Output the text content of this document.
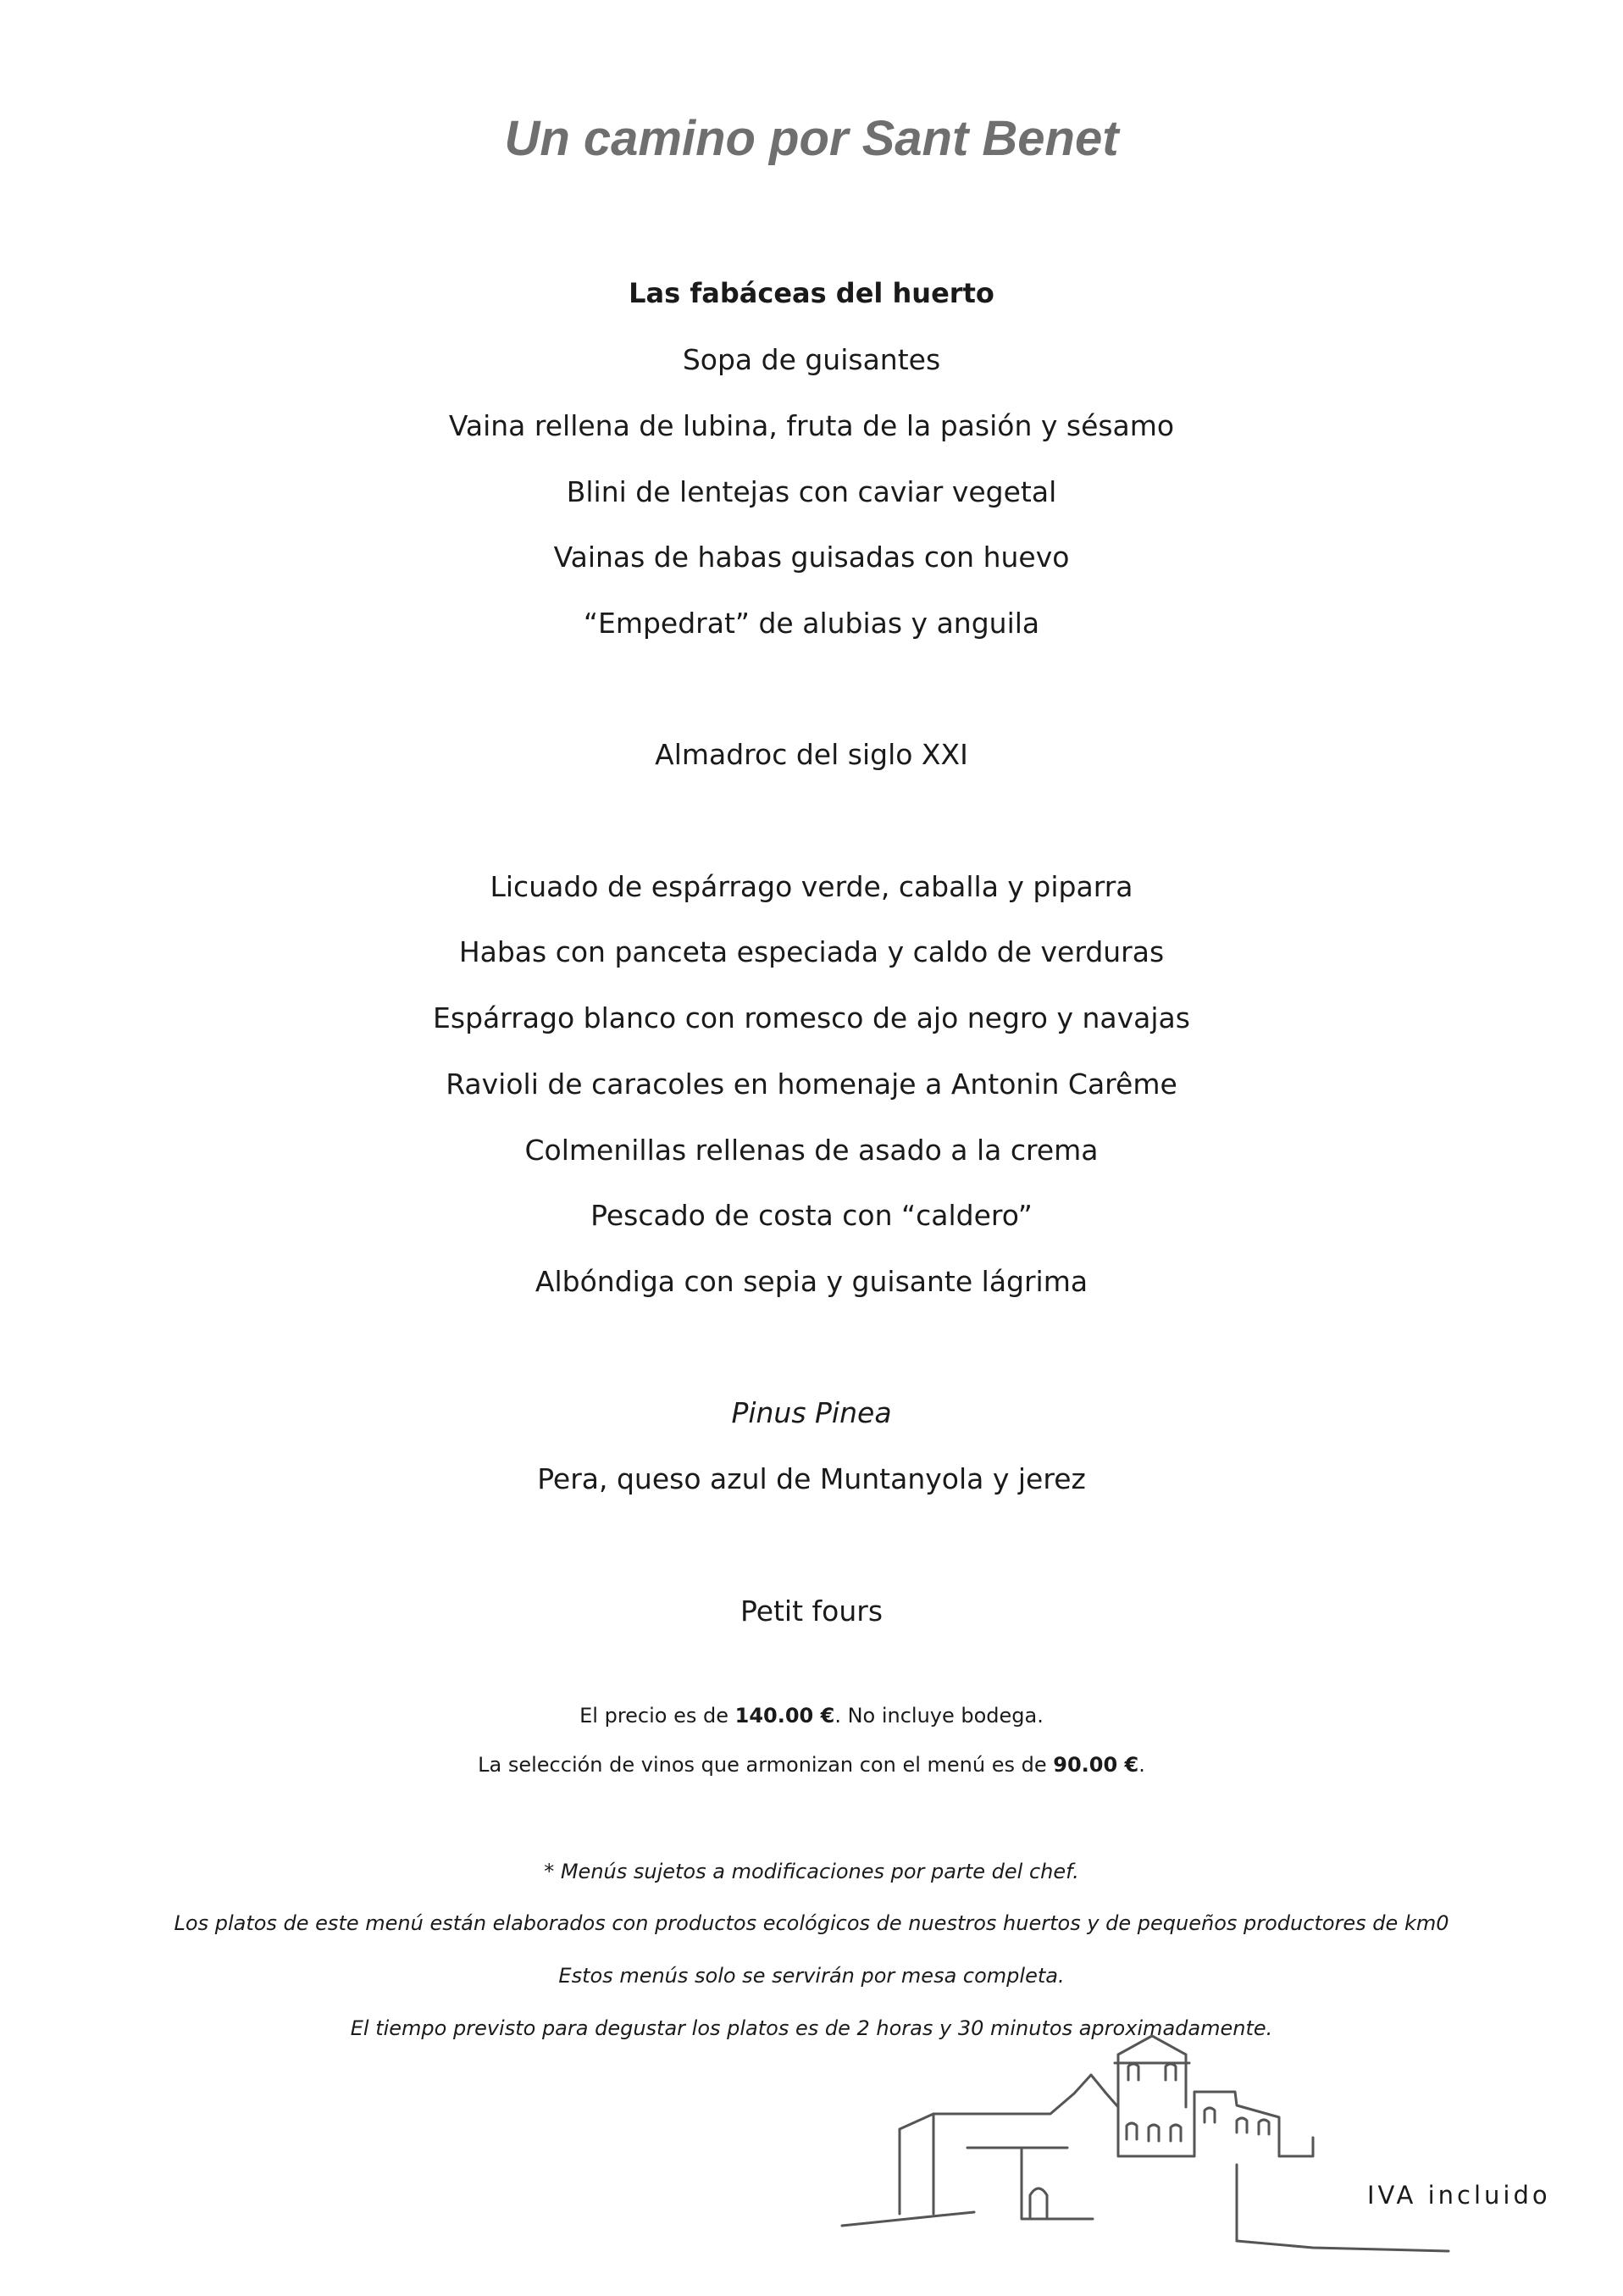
Un camino por Sant Benet
Las fabáceas del huerto
Sopa de guisantes
Vaina rellena de lubina, fruta de la pasión y sésamo
Blini de lentejas con caviar vegetal
Vainas de habas guisadas con huevo
“Empedrat” de alubias y anguila
Almadroc del siglo XXI
Licuado de espárrago verde, caballa y piparra
Habas con panceta especiada y caldo de verduras
Espárrago blanco con romesco de ajo negro y navajas
Ravioli de caracoles en homenaje a Antonin Carême
Colmenillas rellenas de asado a la crema
Pescado de costa con “caldero”
Albóndiga con sepia y guisante lágrima
Pinus Pinea
Pera, queso azul de Muntanyola y jerez
Petit fours
El precio es de 140.00 €. No incluye bodega.
La selección de vinos que armonizan con el menú es de 90.00 €.
* Menús sujetos a modificaciones por parte del chef.
Los platos de este menú están elaborados con productos ecológicos de nuestros huertos y de pequeños productores de km0
Estos menús solo se servirán por mesa completa.
El tiempo previsto para degustar los platos es de 2 horas y 30 minutos aproximadamente.
IVA incluido
